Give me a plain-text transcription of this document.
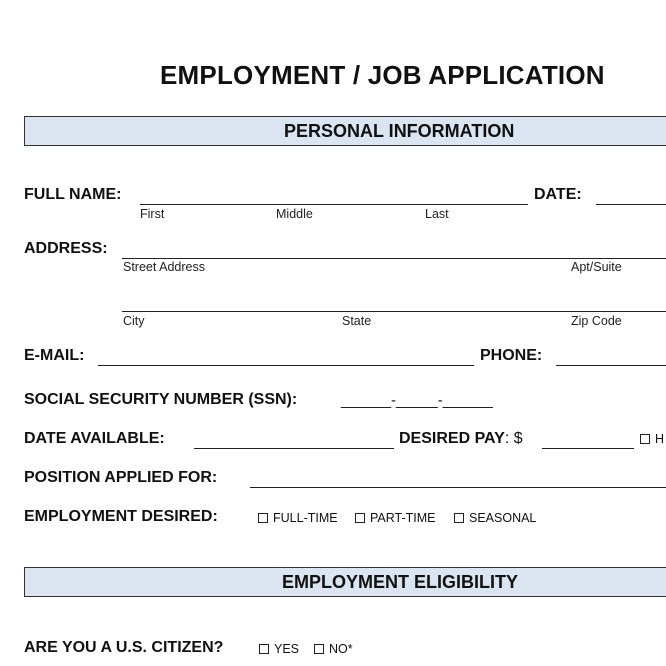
EMPLOYMENT / JOB APPLICATION
PERSONAL INFORMATION
FULL NAME:	DATE:
First	Middle	Last
ADDRESS:
Street Address	Apt/Suite
City	State	Zip Code
E-MAIL:	PHONE:
SOCIAL SECURITY NUMBER (SSN):	______-_____-______
DATE AVAILABLE:	DESIRED PAY: $	H
POSITION APPLIED FOR:
EMPLOYMENT DESIRED:	FULL-TIME	PART-TIME	SEASONAL
EMPLOYMENT ELIGIBILITY
ARE YOU A U.S. CITIZEN?	YES	NO*
